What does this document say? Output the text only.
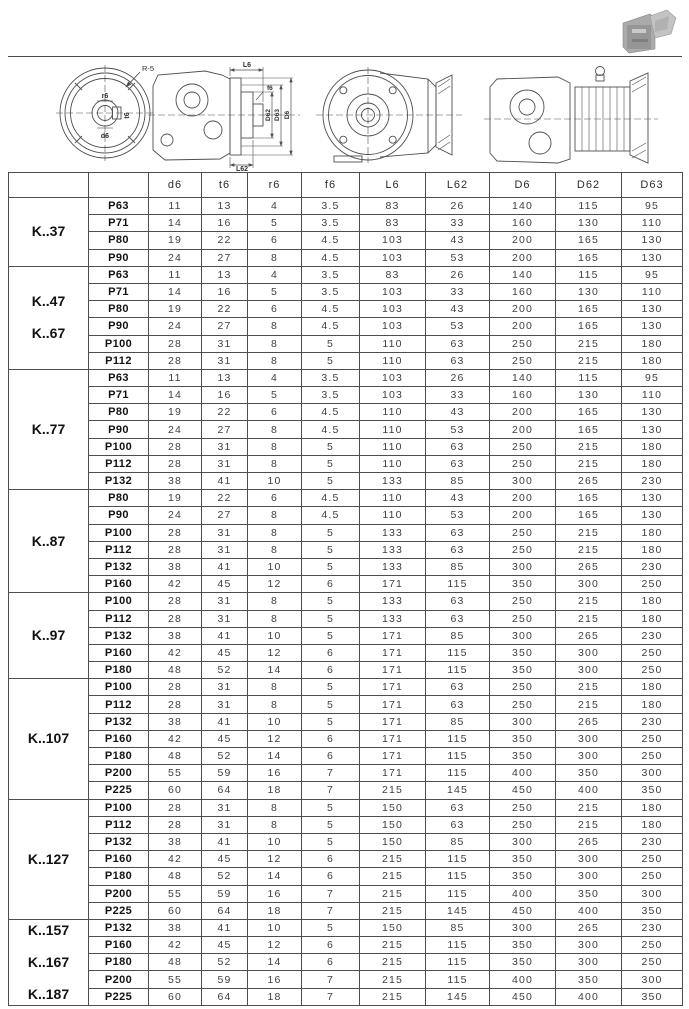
R-5
r6
t6
d6
L6
f6
D62 D63 D6
L62
		d6	t6	r6	f6	L6	L62	D6	D62	D63

K..37	P63	11	13	4	3.5	83	26	140	115	95
	P71	14	16	5	3.5	83	33	160	130	110
	P80	19	22	6	4.5	103	43	200	165	130
	P90	24	27	8	4.5	103	53	200	165	130

K..47
K..67	P63	11	13	4	3.5	83	26	140	115	95
	P71	14	16	5	3.5	103	33	160	130	110
	P80	19	22	6	4.5	103	43	200	165	130
	P90	24	27	8	4.5	103	53	200	165	130
	P100	28	31	8	5	110	63	250	215	180
	P112	28	31	8	5	110	63	250	215	180

K..77	P63	11	13	4	3.5	103	26	140	115	95
	P71	14	16	5	3.5	103	33	160	130	110
	P80	19	22	6	4.5	110	43	200	165	130
	P90	24	27	8	4.5	110	53	200	165	130
	P100	28	31	8	5	110	63	250	215	180
	P112	28	31	8	5	110	63	250	215	180
	P132	38	41	10	5	133	85	300	265	230

K..87	P80	19	22	6	4.5	110	43	200	165	130
	P90	24	27	8	4.5	110	53	200	165	130
	P100	28	31	8	5	133	63	250	215	180
	P112	28	31	8	5	133	63	250	215	180
	P132	38	41	10	5	133	85	300	265	230
	P160	42	45	12	6	171	115	350	300	250

K..97	P100	28	31	8	5	133	63	250	215	180
	P112	28	31	8	5	133	63	250	215	180
	P132	38	41	10	5	171	85	300	265	230
	P160	42	45	12	6	171	115	350	300	250
	P180	48	52	14	6	171	115	350	300	250

K..107	P100	28	31	8	5	171	63	250	215	180
	P112	28	31	8	5	171	63	250	215	180
	P132	38	41	10	5	171	85	300	265	230
	P160	42	45	12	6	171	115	350	300	250
	P180	48	52	14	6	171	115	350	300	250
	P200	55	59	16	7	171	115	400	350	300
	P225	60	64	18	7	215	145	450	400	350

K..127	P100	28	31	8	5	150	63	250	215	180
	P112	28	31	8	5	150	63	250	215	180
	P132	38	41	10	5	150	85	300	265	230
	P160	42	45	12	6	215	115	350	300	250
	P180	48	52	14	6	215	115	350	300	250
	P200	55	59	16	7	215	115	400	350	300
	P225	60	64	18	7	215	145	450	400	350

K..157
K..167
K..187	P132	38	41	10	5	150	85	300	265	230
	P160	42	45	12	6	215	115	350	300	250
	P180	48	52	14	6	215	115	350	300	250
	P200	55	59	16	7	215	115	400	350	300
	P225	60	64	18	7	215	145	450	400	350
